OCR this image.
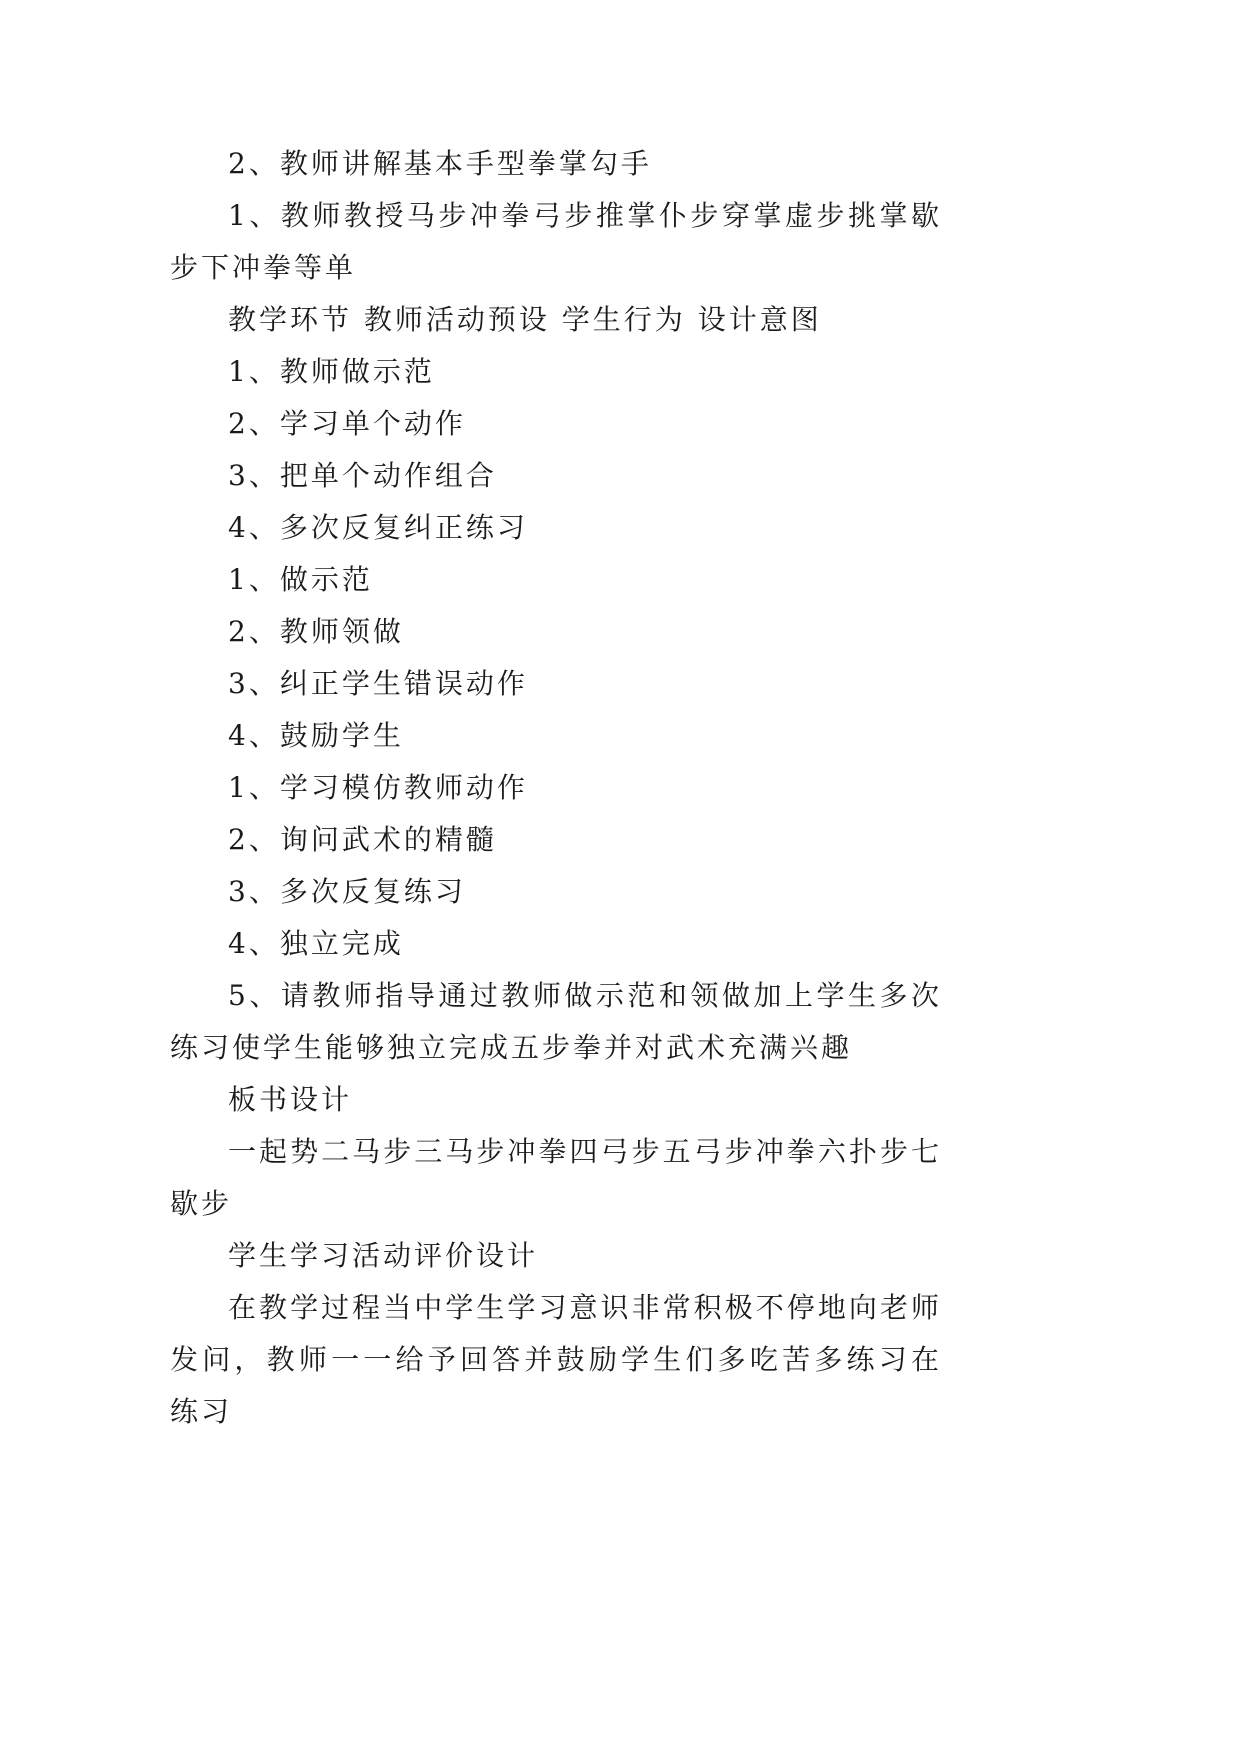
2、教师讲解基本手型拳掌勾手

1、教师教授马步冲拳弓步推掌仆步穿掌虚步挑掌歇步下冲拳等单

教学环节 教师活动预设 学生行为 设计意图

1、教师做示范

2、学习单个动作

3、把单个动作组合

4、多次反复纠正练习

1、做示范

2、教师领做

3、纠正学生错误动作

4、鼓励学生

1、学习模仿教师动作

2、询问武术的精髓

3、多次反复练习

4、独立完成

5、请教师指导通过教师做示范和领做加上学生多次练习使学生能够独立完成五步拳并对武术充满兴趣

板书设计

一起势二马步三马步冲拳四弓步五弓步冲拳六扑步七歇步

学生学习活动评价设计

在教学过程当中学生学习意识非常积极不停地向老师发问，教师一一给予回答并鼓励学生们多吃苦多练习在练习
